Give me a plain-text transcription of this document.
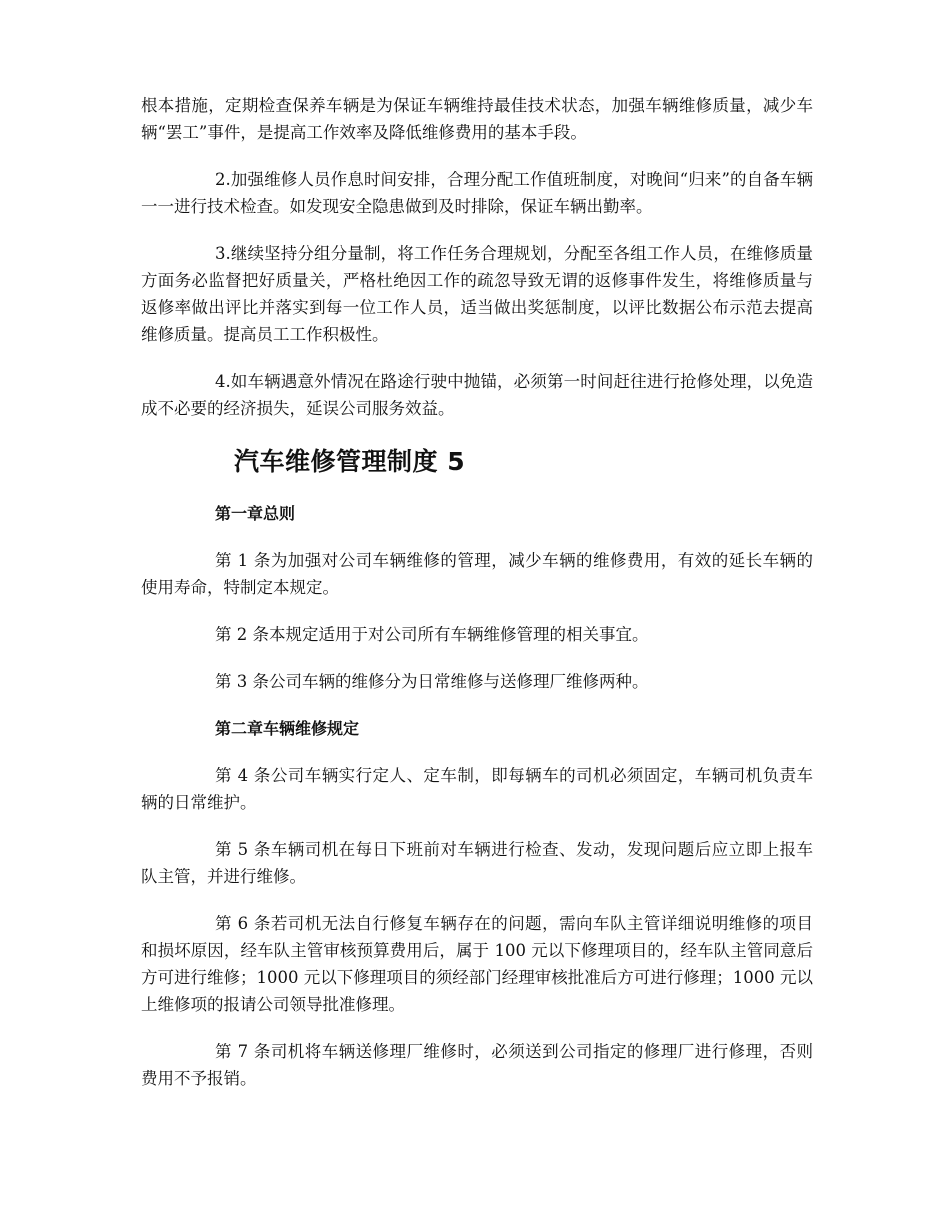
根本措施，定期检查保养车辆是为保证车辆维持最佳技术状态，加强车辆维修质量，减少车辆“罢工”事件，是提高工作效率及降低维修费用的基本手段。

2.加强维修人员作息时间安排，合理分配工作值班制度，对晚间“归来”的自备车辆一一进行技术检查。如发现安全隐患做到及时排除，保证车辆出勤率。

3.继续坚持分组分量制，将工作任务合理规划，分配至各组工作人员，在维修质量方面务必监督把好质量关，严格杜绝因工作的疏忽导致无谓的返修事件发生，将维修质量与返修率做出评比并落实到每一位工作人员，适当做出奖惩制度，以评比数据公布示范去提高维修质量。提高员工工作积极性。

4.如车辆遇意外情况在路途行驶中抛锚，必须第一时间赶往进行抢修处理，以免造成不必要的经济损失，延误公司服务效益。

汽车维修管理制度 5
第一章总则

第 1 条为加强对公司车辆维修的管理，减少车辆的维修费用，有效的延长车辆的使用寿命，特制定本规定。

第 2 条本规定适用于对公司所有车辆维修管理的相关事宜。

第 3 条公司车辆的维修分为日常维修与送修理厂维修两种。

第二章车辆维修规定

第 4 条公司车辆实行定人、定车制，即每辆车的司机必须固定，车辆司机负责车辆的日常维护。

第 5 条车辆司机在每日下班前对车辆进行检查、发动，发现问题后应立即上报车队主管，并进行维修。

第 6 条若司机无法自行修复车辆存在的问题，需向车队主管详细说明维修的项目和损坏原因，经车队主管审核预算费用后，属于 100 元以下修理项目的，经车队主管同意后方可进行维修；1000 元以下修理项目的须经部门经理审核批准后方可进行修理；1000 元以上维修项的报请公司领导批准修理。

第 7 条司机将车辆送修理厂维修时，必须送到公司指定的修理厂进行修理，否则费用不予报销。
